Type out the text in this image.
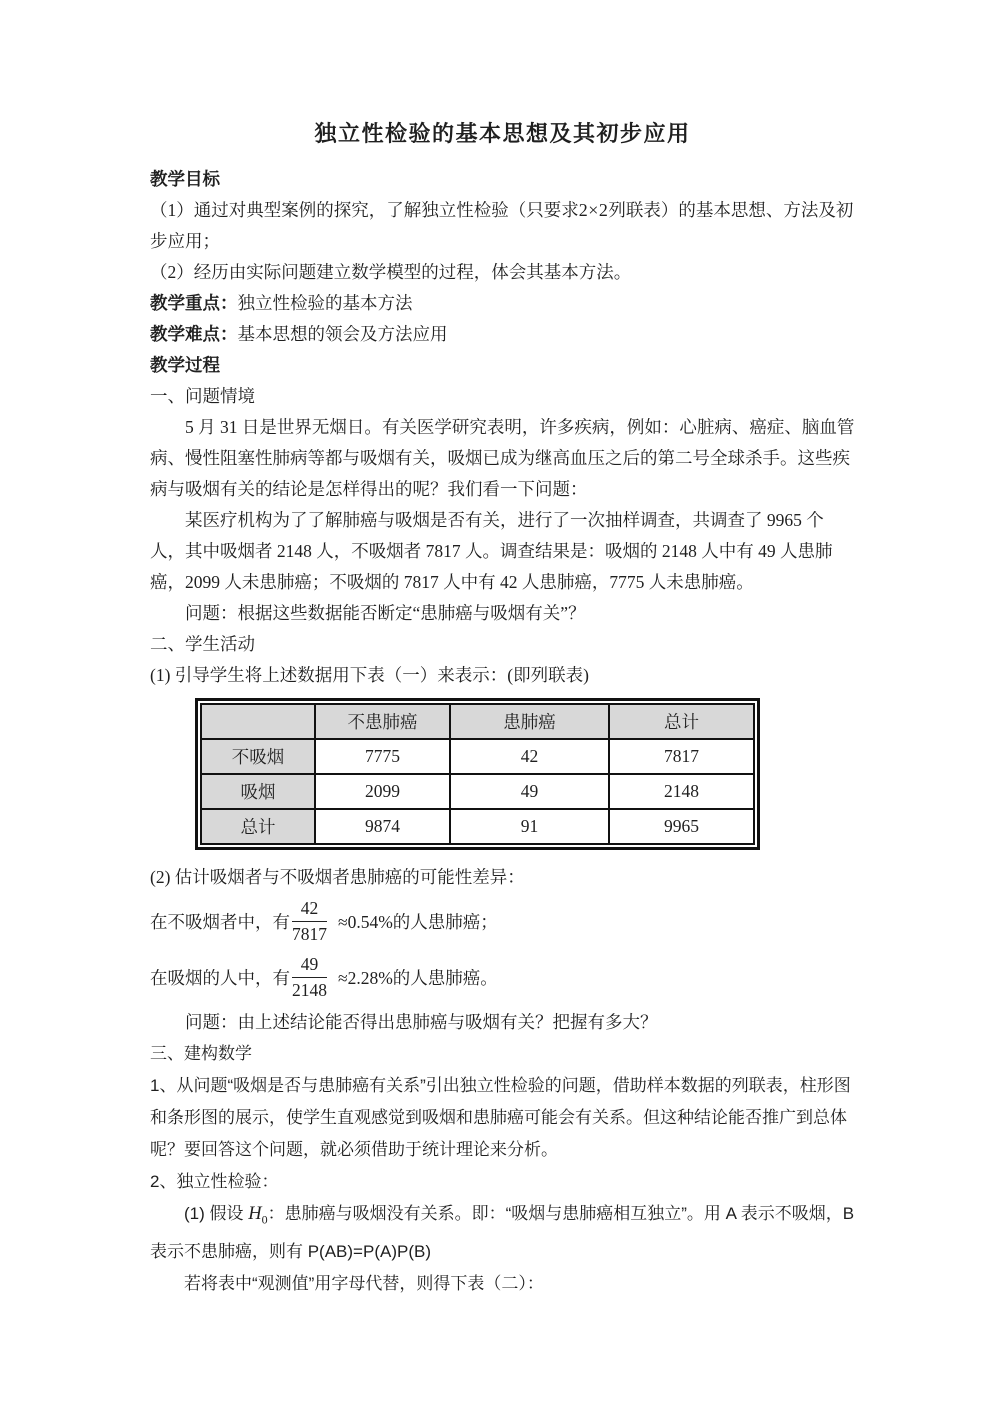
独立性检验的基本思想及其初步应用

教学目标

（1）通过对典型案例的探究，了解独立性检验（只要求2×2列联表）的基本思想、方法及初步应用；

（2）经历由实际问题建立数学模型的过程，体会其基本方法。

教学重点：独立性检验的基本方法

教学难点：基本思想的领会及方法应用

教学过程

一、问题情境

5 月 31 日是世界无烟日。有关医学研究表明，许多疾病，例如：心脏病、癌症、脑血管病、慢性阻塞性肺病等都与吸烟有关，吸烟已成为继高血压之后的第二号全球杀手。这些疾病与吸烟有关的结论是怎样得出的呢？我们看一下问题：

某医疗机构为了了解肺癌与吸烟是否有关，进行了一次抽样调查，共调查了 9965 个人，其中吸烟者 2148 人，不吸烟者 7817 人。调查结果是：吸烟的 2148 人中有 49 人患肺癌，2099 人未患肺癌；不吸烟的 7817 人中有 42 人患肺癌，7775 人未患肺癌。

问题：根据这些数据能否断定“患肺癌与吸烟有关”？

二、学生活动

(1) 引导学生将上述数据用下表（一）来表示：(即列联表)

	不患肺癌	患肺癌	总计
不吸烟	7775	42	7817
吸烟	2099	49	2148
总计	9874	91	9965

(2) 估计吸烟者与不吸烟者患肺癌的可能性差异：

在不吸烟者中，有 $\frac{42}{7817} \approx 0.54\%$的人患肺癌；
在吸烟的人中，有 $\frac{49}{2148} \approx 2.28\%$的人患肺癌。

问题：由上述结论能否得出患肺癌与吸烟有关？把握有多大？

三、建构数学

1、从问题“吸烟是否与患肺癌有关系”引出独立性检验的问题，借助样本数据的列联表，柱形图和条形图的展示，使学生直观感觉到吸烟和患肺癌可能会有关系。但这种结论能否推广到总体呢？要回答这个问题，就必须借助于统计理论来分析。

2、独立性检验：

(1) 假设 $H_0$：患肺癌与吸烟没有关系。即：“吸烟与患肺癌相互独立”。用 A 表示不吸烟，B 表示不患肺癌，则有 P(AB)=P(A)P(B)

若将表中“观测值”用字母代替，则得下表（二）：
